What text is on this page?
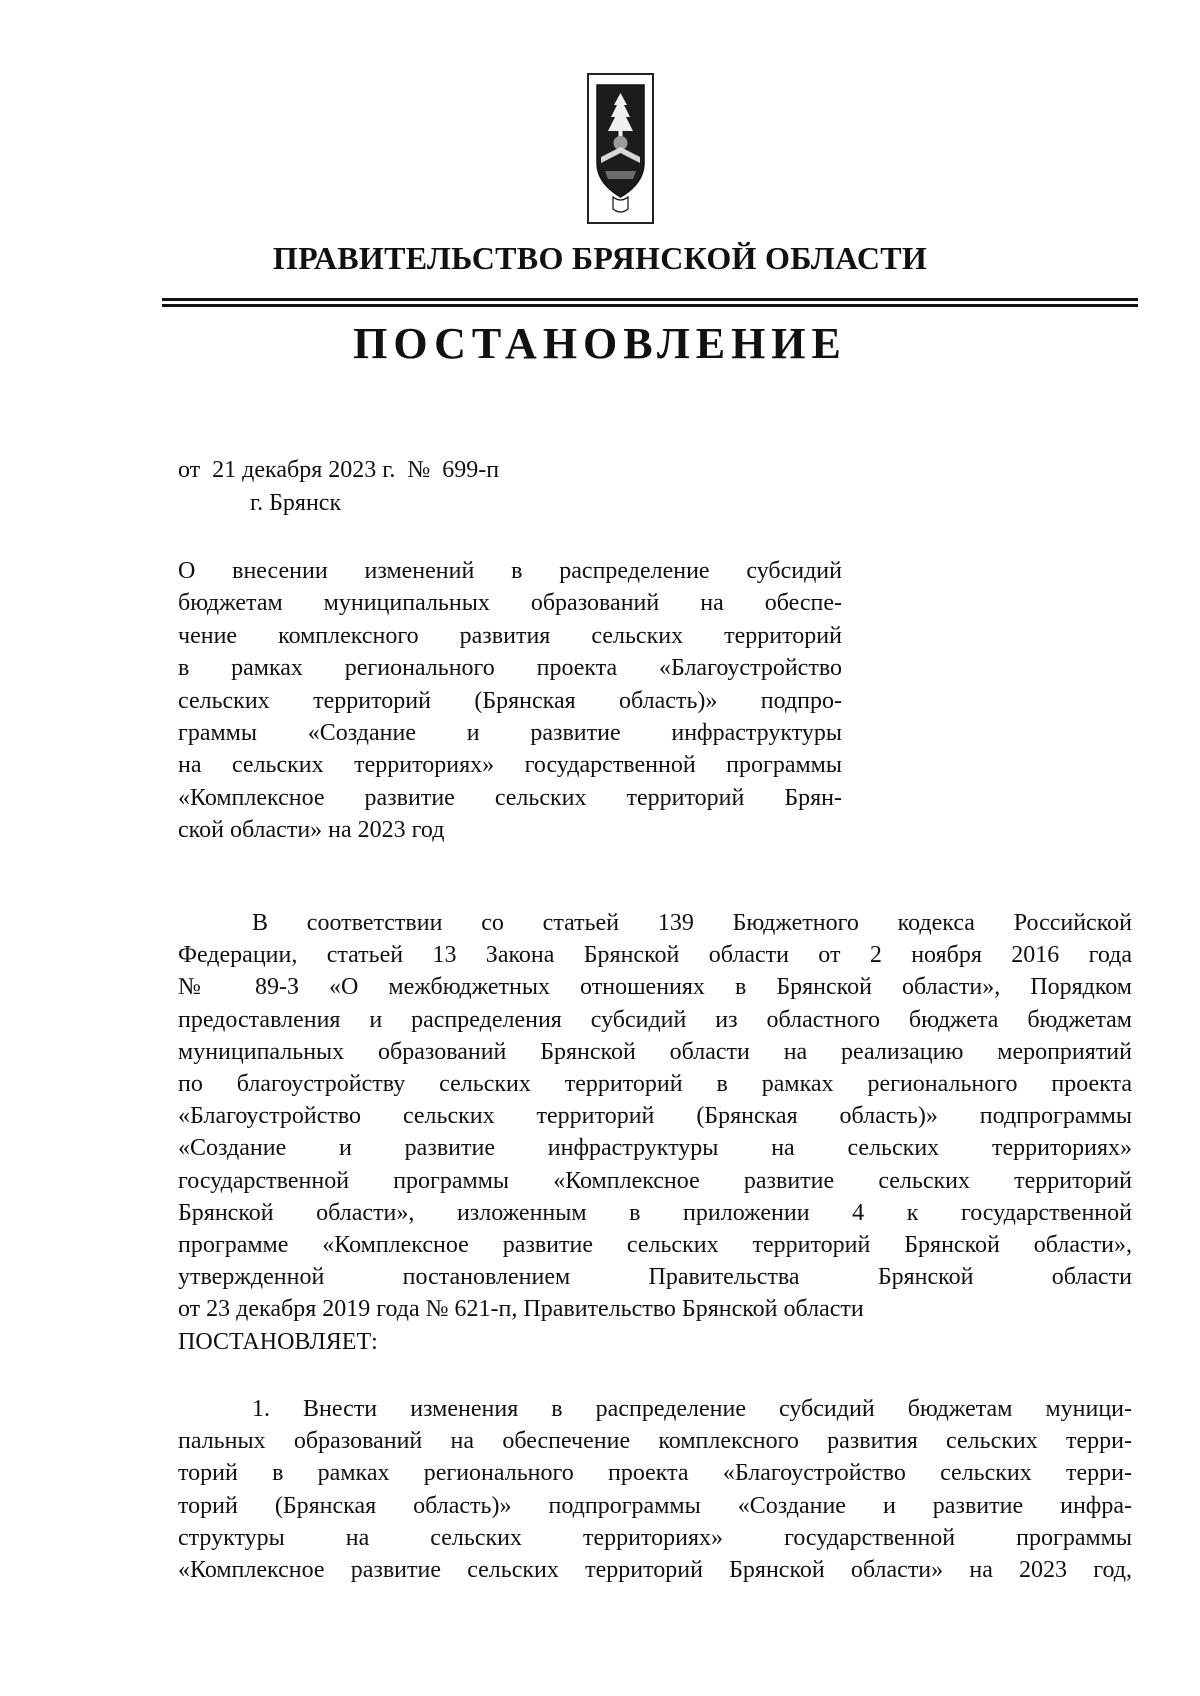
ПРАВИТЕЛЬСТВО БРЯНСКОЙ ОБЛАСТИ
ПОСТАНОВЛЕНИЕ
от 21 декабря 2023 г. № 699-п
г. Брянск
О внесении изменений в распределение субсидий
бюджетам муниципальных образований на обеспе-
чение комплексного развития сельских территорий
в рамках регионального проекта «Благоустройство
сельских территорий (Брянская область)» подпро-
граммы «Создание и развитие инфраструктуры
на сельских территориях» государственной программы
«Комплексное развитие сельских территорий Брян-
ской области» на 2023 год
В соответствии со статьей 139 Бюджетного кодекса Российской
Федерации, статьей 13 Закона Брянской области от 2 ноября 2016 года
№ 89-З «О межбюджетных отношениях в Брянской области», Порядком
предоставления и распределения субсидий из областного бюджета бюджетам
муниципальных образований Брянской области на реализацию мероприятий
по благоустройству сельских территорий в рамках регионального проекта
«Благоустройство сельских территорий (Брянская область)» подпрограммы
«Создание и развитие инфраструктуры на сельских территориях»
государственной программы «Комплексное развитие сельских территорий
Брянской области», изложенным в приложении 4 к государственной
программе «Комплексное развитие сельских территорий Брянской области»,
утвержденной постановлением Правительства Брянской области
от 23 декабря 2019 года № 621-п, Правительство Брянской области
ПОСТАНОВЛЯЕТ:
1. Внести изменения в распределение субсидий бюджетам муници-
пальных образований на обеспечение комплексного развития сельских терри-
торий в рамках регионального проекта «Благоустройство сельских терри-
торий (Брянская область)» подпрограммы «Создание и развитие инфра-
структуры на сельских территориях» государственной программы
«Комплексное развитие сельских территорий Брянской области» на 2023 год,
